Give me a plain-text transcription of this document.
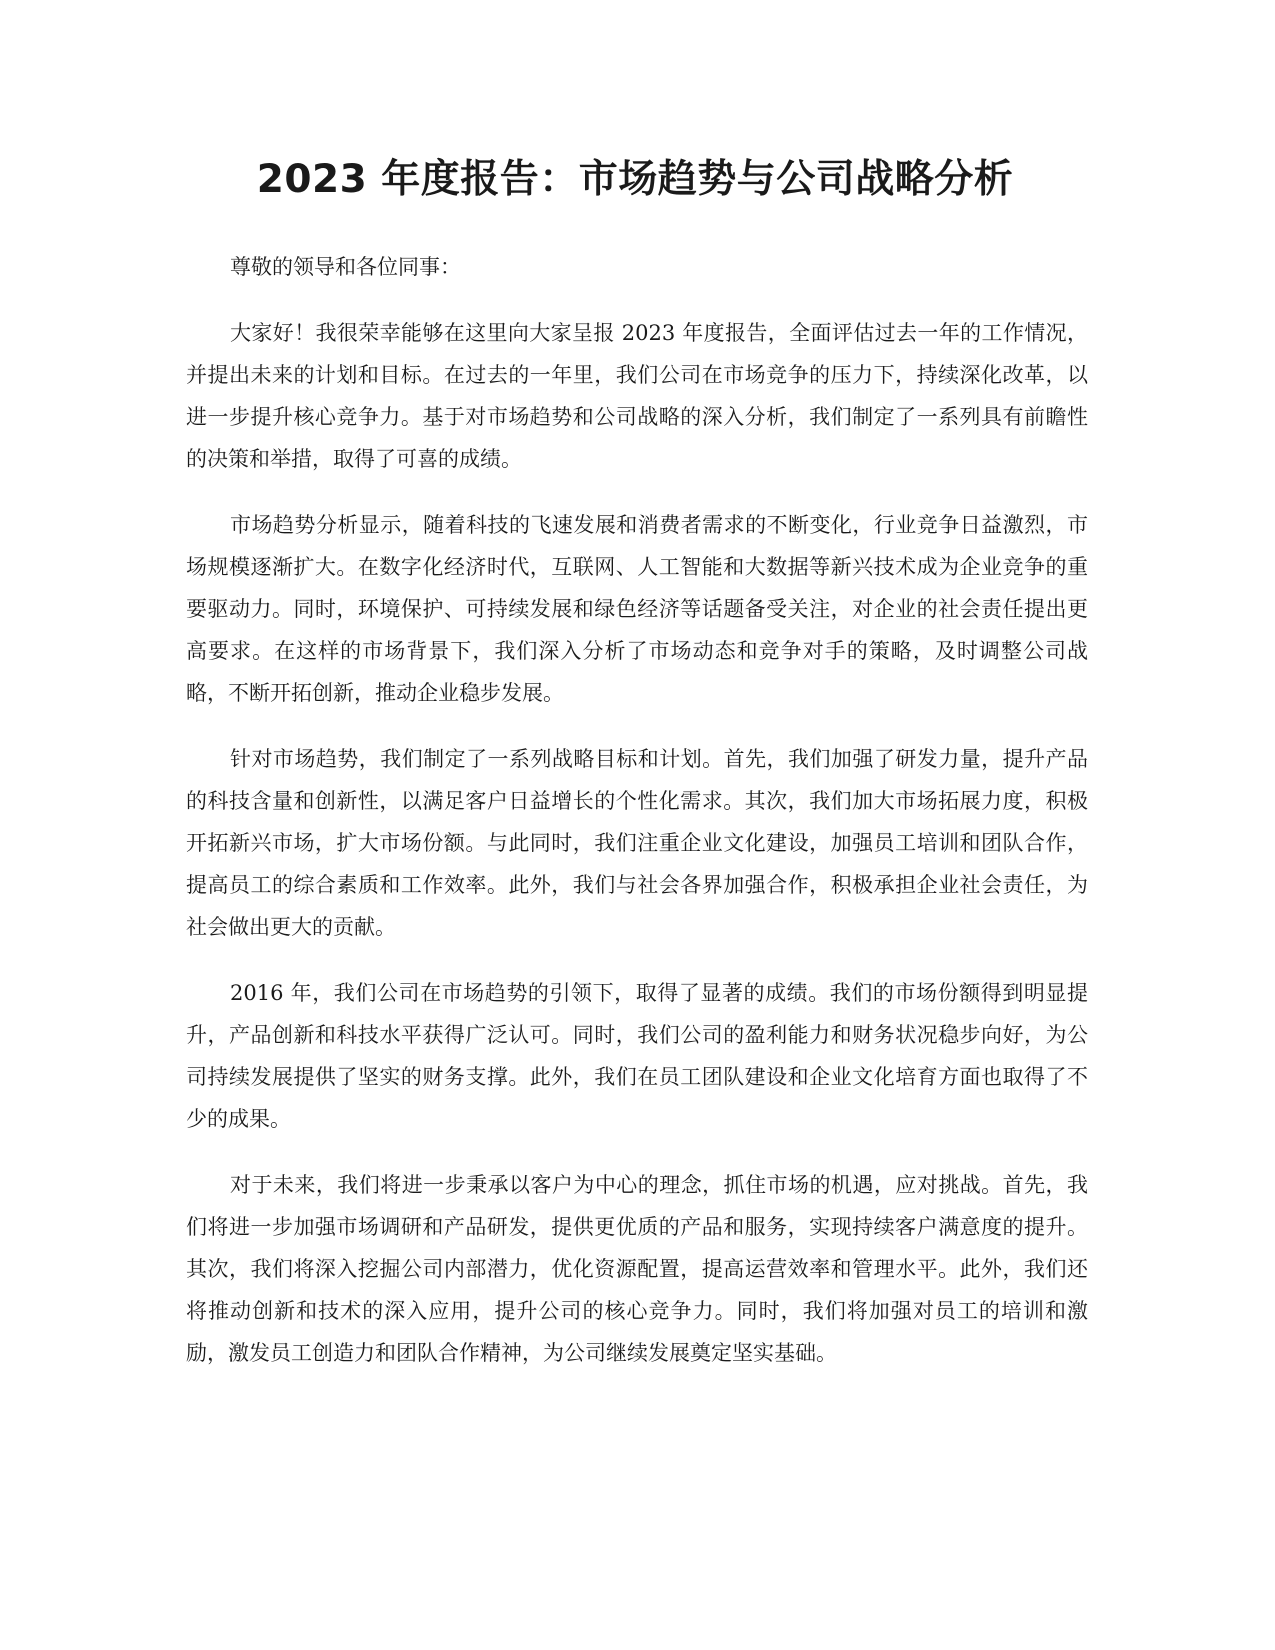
2023 年度报告：市场趋势与公司战略分析

尊敬的领导和各位同事：

大家好！我很荣幸能够在这里向大家呈报 2023 年度报告，全面评估过去一年的工作情况，并提出未来的计划和目标。在过去的一年里，我们公司在市场竞争的压力下，持续深化改革，以进一步提升核心竞争力。基于对市场趋势和公司战略的深入分析，我们制定了一系列具有前瞻性的决策和举措，取得了可喜的成绩。

市场趋势分析显示，随着科技的飞速发展和消费者需求的不断变化，行业竞争日益激烈，市场规模逐渐扩大。在数字化经济时代，互联网、人工智能和大数据等新兴技术成为企业竞争的重要驱动力。同时，环境保护、可持续发展和绿色经济等话题备受关注，对企业的社会责任提出更高要求。在这样的市场背景下，我们深入分析了市场动态和竞争对手的策略，及时调整公司战略，不断开拓创新，推动企业稳步发展。

针对市场趋势，我们制定了一系列战略目标和计划。首先，我们加强了研发力量，提升产品的科技含量和创新性，以满足客户日益增长的个性化需求。其次，我们加大市场拓展力度，积极开拓新兴市场，扩大市场份额。与此同时，我们注重企业文化建设，加强员工培训和团队合作，提高员工的综合素质和工作效率。此外，我们与社会各界加强合作，积极承担企业社会责任，为社会做出更大的贡献。

2016 年，我们公司在市场趋势的引领下，取得了显著的成绩。我们的市场份额得到明显提升，产品创新和科技水平获得广泛认可。同时，我们公司的盈利能力和财务状况稳步向好，为公司持续发展提供了坚实的财务支撑。此外，我们在员工团队建设和企业文化培育方面也取得了不少的成果。

对于未来，我们将进一步秉承以客户为中心的理念，抓住市场的机遇，应对挑战。首先，我们将进一步加强市场调研和产品研发，提供更优质的产品和服务，实现持续客户满意度的提升。其次，我们将深入挖掘公司内部潜力，优化资源配置，提高运营效率和管理水平。此外，我们还将推动创新和技术的深入应用，提升公司的核心竞争力。同时，我们将加强对员工的培训和激励，激发员工创造力和团队合作精神，为公司继续发展奠定坚实基础。
